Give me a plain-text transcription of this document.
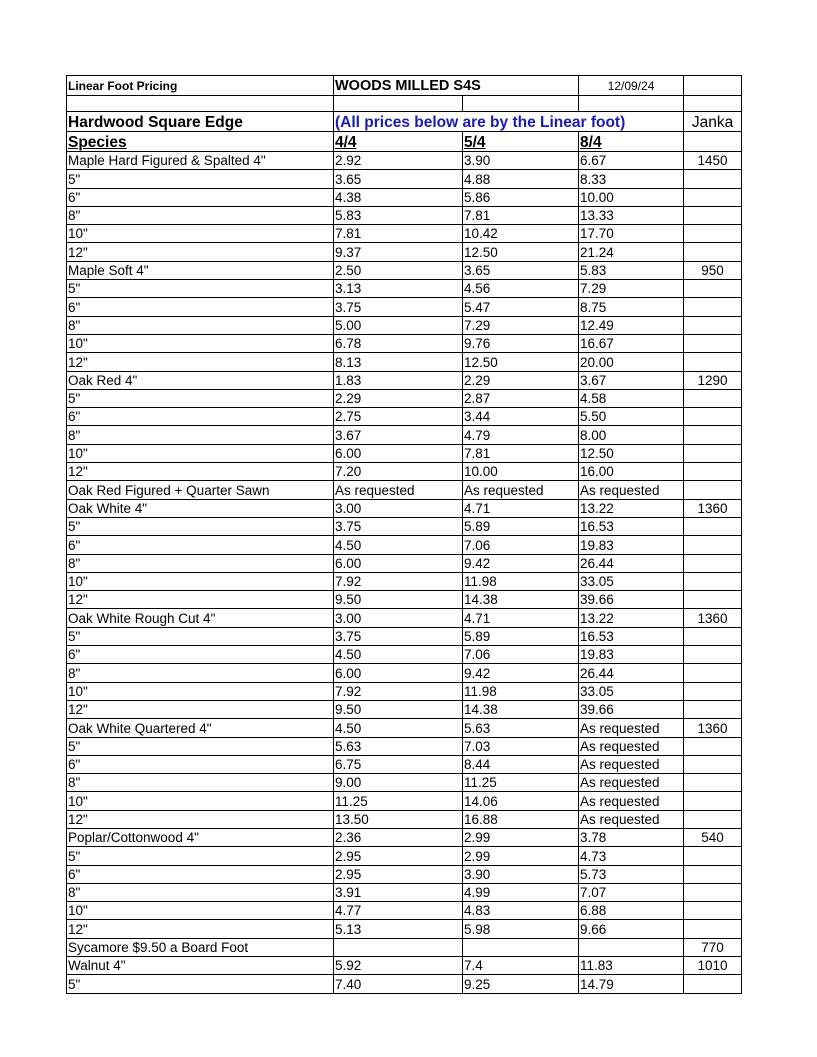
Linear Foot Pricing	WOODS MILLED S4S		12/09/24	

Hardwood Square Edge	(All prices below are by the Linear foot)			Janka
Species	4/4	5/4	8/4	
Maple Hard Figured & Spalted 4"	2.92	3.90	6.67	1450
5"	3.65	4.88	8.33	
6"	4.38	5.86	10.00	
8"	5.83	7.81	13.33	
10"	7.81	10.42	17.70	
12"	9.37	12.50	21.24	
Maple Soft 4"	2.50	3.65	5.83	950
5"	3.13	4.56	7.29	
6"	3.75	5.47	8.75	
8"	5.00	7.29	12.49	
10"	6.78	9.76	16.67	
12"	8.13	12.50	20.00	
Oak Red 4"	1.83	2.29	3.67	1290
5"	2.29	2.87	4.58	
6"	2.75	3.44	5.50	
8"	3.67	4.79	8.00	
10"	6.00	7.81	12.50	
12"	7.20	10.00	16.00	
Oak Red Figured + Quarter Sawn	As requested	As requested	As requested	
Oak White 4"	3.00	4.71	13.22	1360
5"	3.75	5.89	16.53	
6"	4.50	7.06	19.83	
8"	6.00	9.42	26.44	
10"	7.92	11.98	33.05	
12"	9.50	14.38	39.66	
Oak White Rough Cut 4"	3.00	4.71	13.22	1360
5"	3.75	5.89	16.53	
6"	4.50	7.06	19.83	
8"	6.00	9.42	26.44	
10"	7.92	11.98	33.05	
12"	9.50	14.38	39.66	
Oak White Quartered 4"	4.50	5.63	As requested	1360
5"	5.63	7.03	As requested	
6"	6.75	8.44	As requested	
8"	9.00	11.25	As requested	
10"	11.25	14.06	As requested	
12"	13.50	16.88	As requested	
Poplar/Cottonwood 4"	2.36	2.99	3.78	540
5"	2.95	2.99	4.73	
6"	2.95	3.90	5.73	
8"	3.91	4.99	7.07	
10"	4.77	4.83	6.88	
12"	5.13	5.98	9.66	
Sycamore $9.50 a Board Foot				770
Walnut 4"	5.92	7.4	11.83	1010
5"	7.40	9.25	14.79	
